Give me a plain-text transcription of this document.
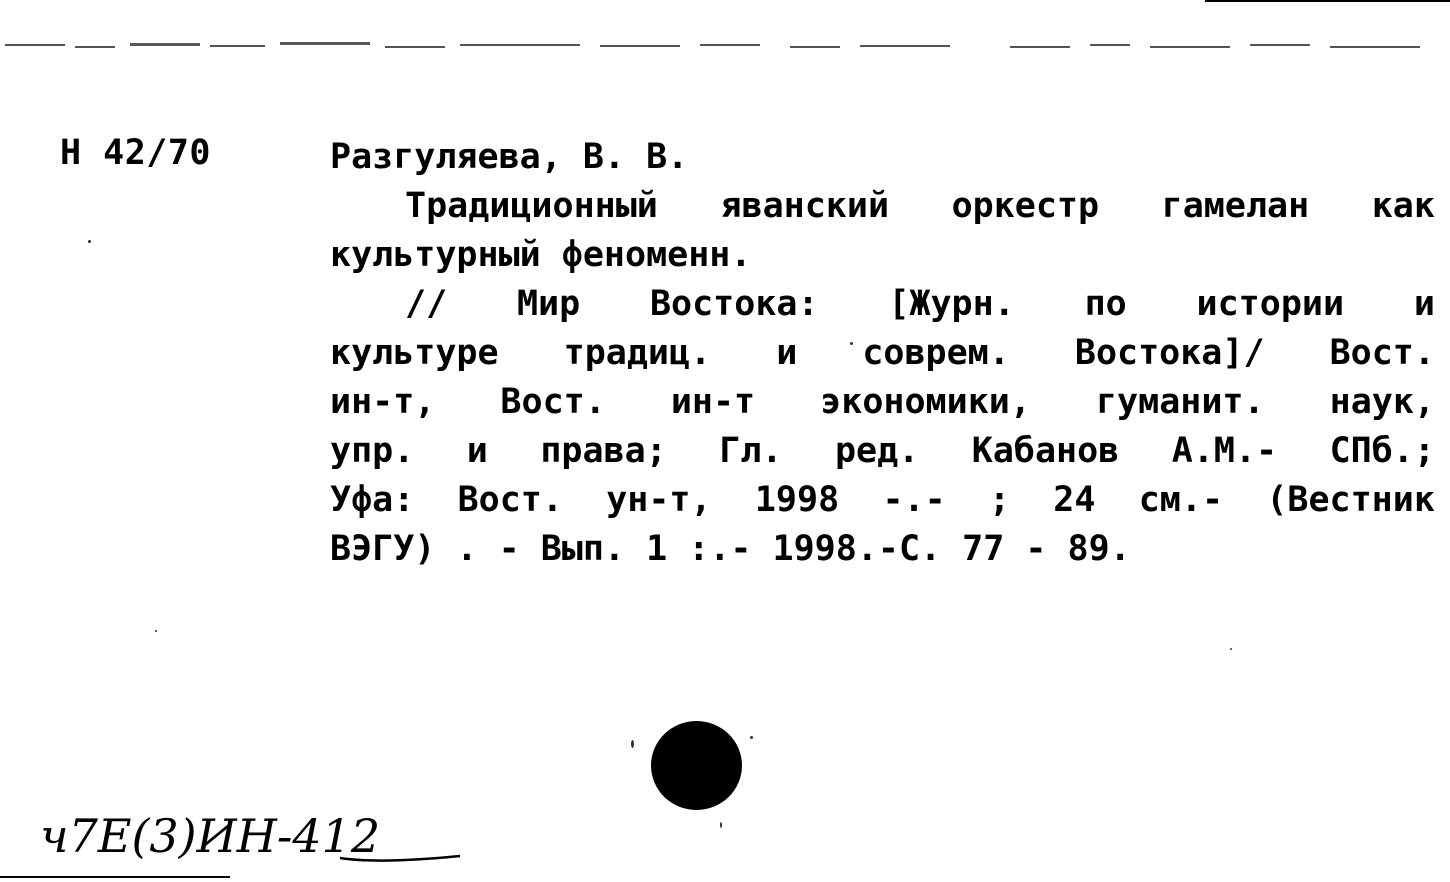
Н 42/70	Разгуляева, В. В.
Традиционный яванский оркестр гамелан как
культурный феноменн.
// Мир Востока: [Журн. по истории и
культуре традиц. и соврем. Востока]/ Вост.
ин-т, Вост. ин-т экономики, гуманит. наук,
упр. и права; Гл. ред. Кабанов А.М.- СПб.;
Уфа: Вост. ун-т, 1998 -.- ; 24 см.- (Вестник
ВЭГУ) . - Вып. 1 :.- 1998.-С. 77 - 89.
ч7Е(3)ИН-412
